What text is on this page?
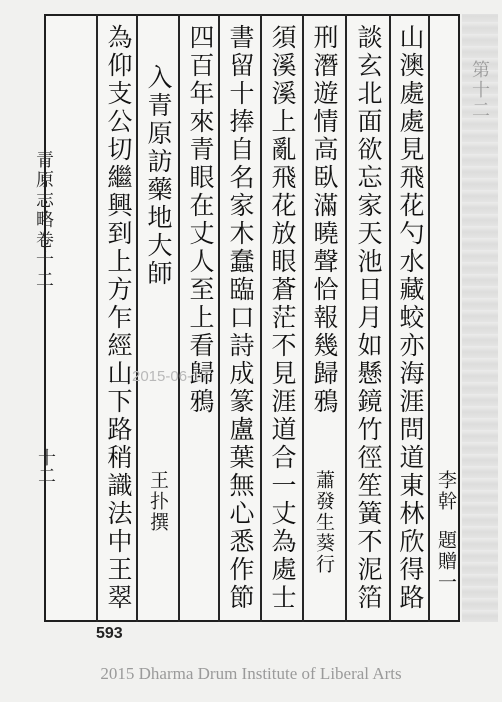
第十二
青原志略卷十二
十二
李幹
題贈一
山澳處處見飛花勺水藏蛟亦海涯問道東林欣得路
談玄北面欲忘家天池日月如懸鏡竹徑笙簧不泥箔
刑潛遊情高臥滿曉聲恰報幾歸鴉
蕭發生葵行
須溪溪上亂飛花放眼蒼茫不見涯道合一丈為處士
書留十捧自名家木蠢臨口詩成篆盧葉無心悉作節
四百年來青眼在丈人至上看歸鴉
入青原訪藥地大師
王扑撰
為仰支公切繼興到上方乍經山下路稍識法中王翠 2015-06-17
593
2015 Dharma Drum Institute of Liberal Arts
